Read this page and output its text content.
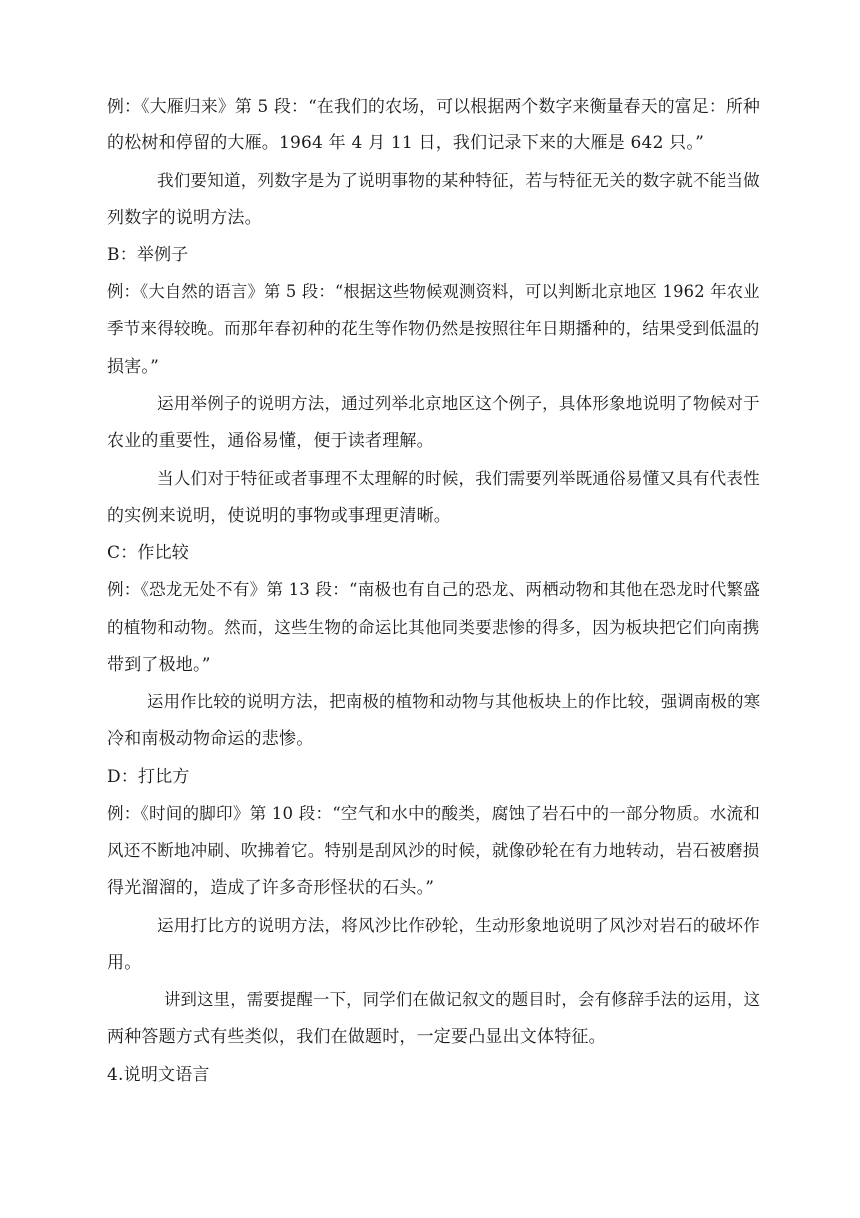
例：《大雁归来》第 5 段：“在我们的农场，可以根据两个数字来衡量春天的富足：所种
的松树和停留的大雁。1964 年 4 月 11 日，我们记录下来的大雁是 642 只。”
我们要知道，列数字是为了说明事物的某种特征，若与特征无关的数字就不能当做
列数字的说明方法。
B：举例子
例：《大自然的语言》第 5 段：“根据这些物候观测资料，可以判断北京地区 1962 年农业
季节来得较晚。而那年春初种的花生等作物仍然是按照往年日期播种的，结果受到低温的
损害。”
运用举例子的说明方法，通过列举北京地区这个例子，具体形象地说明了物候对于
农业的重要性，通俗易懂，便于读者理解。
当人们对于特征或者事理不太理解的时候，我们需要列举既通俗易懂又具有代表性
的实例来说明，使说明的事物或事理更清晰。
C：作比较
例：《恐龙无处不有》第 13 段：“南极也有自己的恐龙、两栖动物和其他在恐龙时代繁盛
的植物和动物。然而，这些生物的命运比其他同类要悲惨的得多，因为板块把它们向南携
带到了极地。”
运用作比较的说明方法，把南极的植物和动物与其他板块上的作比较，强调南极的寒
冷和南极动物命运的悲惨。
D：打比方
例：《时间的脚印》第 10 段：“空气和水中的酸类，腐蚀了岩石中的一部分物质。水流和
风还不断地冲刷、吹拂着它。特别是刮风沙的时候，就像砂轮在有力地转动，岩石被磨损
得光溜溜的，造成了许多奇形怪状的石头。”
运用打比方的说明方法，将风沙比作砂轮，生动形象地说明了风沙对岩石的破坏作
用。
讲到这里，需要提醒一下，同学们在做记叙文的题目时，会有修辞手法的运用，这
两种答题方式有些类似，我们在做题时，一定要凸显出文体特征。
4.说明文语言
